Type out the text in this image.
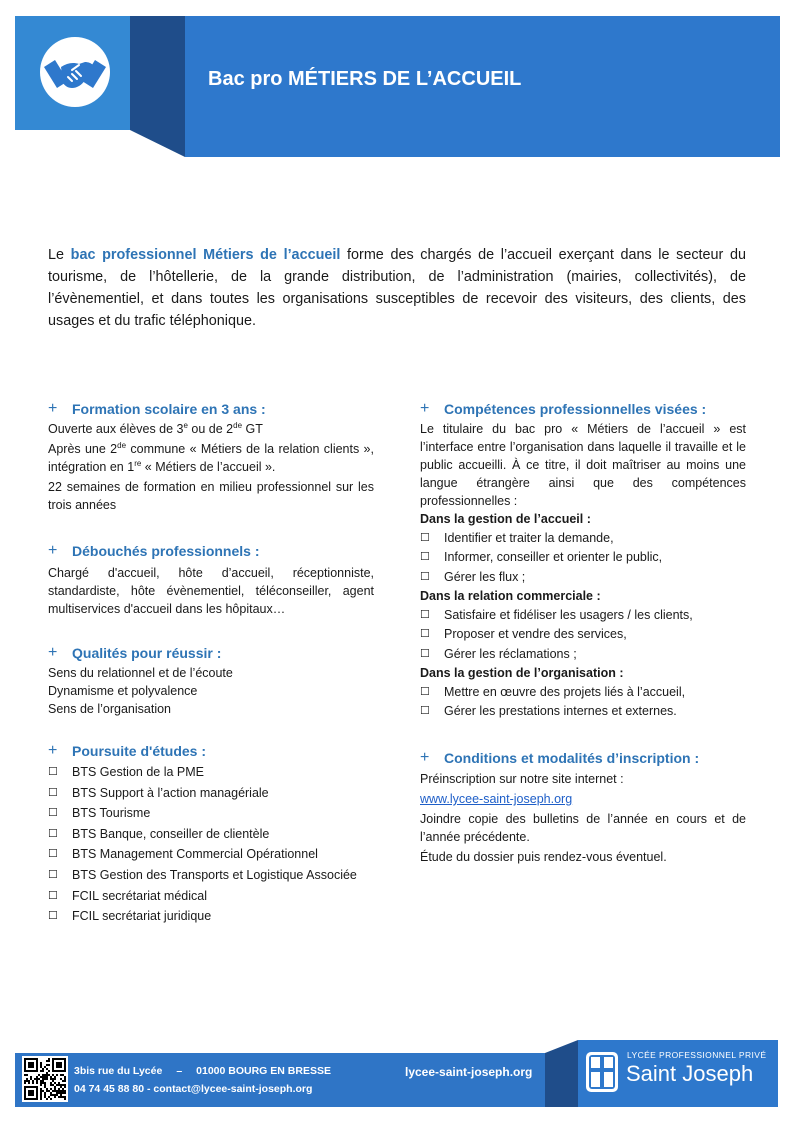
Bac pro MÉTIERS DE L’ACCUEIL

Le bac professionnel Métiers de l’accueil forme des chargés de l’accueil exerçant dans le secteur du tourisme, de l’hôtellerie, de la grande distribution, de l’administration (mairies, collectivités), de l’évènementiel, et dans toutes les organisations susceptibles de recevoir des visiteurs, des clients, des usages et du trafic téléphonique.

+	Formation scolaire en 3 ans :

Ouverte aux élèves de 3e ou de 2de GT

Après une 2de commune « Métiers de la relation clients », intégration en 1re « Métiers de l’accueil ».

22 semaines de formation en milieu professionnel sur les trois années

+	Débouchés professionnels :

Chargé d'accueil, hôte d’accueil, réceptionniste, standardiste, hôte évènementiel, téléconseiller, agent multiservices d'accueil dans les hôpitaux…

+	Qualités pour réussir :

Sens du relationnel et de l’écoute

Dynamisme et polyvalence

Sens de l’organisation

+	Poursuite d'études :
☐	BTS Gestion de la PME
☐	BTS Support à l’action managériale
☐	BTS Tourisme
☐	BTS Banque, conseiller de clientèle
☐	BTS Management Commercial Opérationnel
☐	BTS Gestion des Transports et Logistique Associée
☐	FCIL secrétariat médical
☐	FCIL secrétariat juridique
+	Compétences professionnelles visées :

Le titulaire du bac pro « Métiers de l’accueil » est l’interface entre l’organisation dans laquelle il travaille et le public accueilli. À ce titre, il doit maîtriser au moins une langue étrangère ainsi que des compétences professionnelles :

Dans la gestion de l’accueil :

☐	Identifier et traiter la demande,
☐	Informer, conseiller et orienter le public,
☐	Gérer les flux ;

Dans la relation commerciale :

☐	Satisfaire et fidéliser les usagers / les clients,
☐	Proposer et vendre des services,
☐	Gérer les réclamations ;

Dans la gestion de l’organisation :

☐	Mettre en œuvre des projets liés à l’accueil,
☐	Gérer les prestations internes et externes.
+	Conditions et modalités d’inscription :

Préinscription sur notre site internet :

www.lycee-saint-joseph.org

Joindre copie des bulletins de l’année en cours et de l’année précédente.

Étude du dossier puis rendez-vous éventuel.

3bis rue du Lycée – 01000 BOURG EN BRESSE
04 74 45 88 80 - contact@lycee-saint-joseph.org
lycee-saint-joseph.org
LYCÉE PROFESSIONNEL PRIVÉ
Saint Joseph
